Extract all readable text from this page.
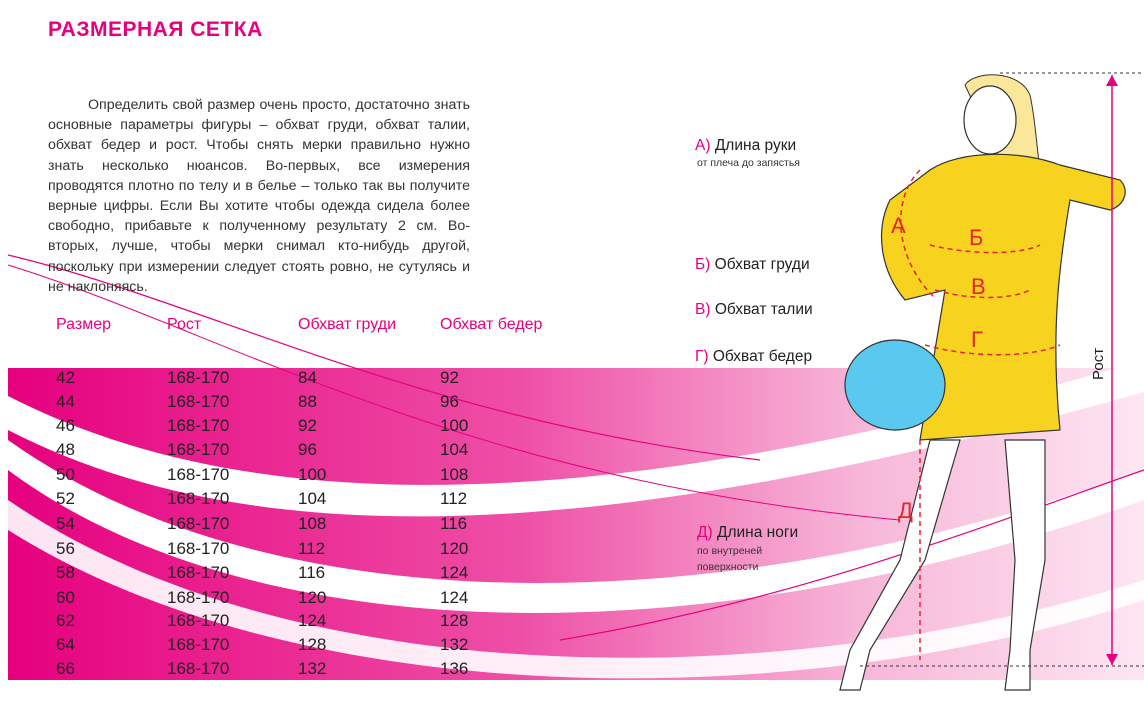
РАЗМЕРНАЯ СЕТКА

Определить свой размер очень просто, достаточно знать основные параметры фигуры – обхват груди, обхват талии, обхват бедер и рост. Чтобы снять мерки правильно нужно знать несколько нюансов. Во-первых, все измерения проводятся плотно по телу и в белье – только так вы получите верные цифры. Если Вы хотите чтобы одежда сидела более свободно, прибавьте к полученному результату 2 см. Во-вторых, лучше, чтобы мерки снимал кто-нибудь другой, поскольку при измерении следует стоять ровно, не сутулясь и не наклоняясь.

Размер	Рост	Обхват груди	Обхват бедер
42	168-170	84	92
44	168-170	88	96
46	168-170	92	100
48	168-170	96	104
50	168-170	100	108
52	168-170	104	112
54	168-170	108	116
56	168-170	112	120
58	168-170	116	124
60	168-170	120	124
62	168-170	124	128
64	168-170	128	132
66	168-170	132	136
А) Длина руки
от плеча до запястья
Б) Обхват груди
В) Обхват талии
Г) Обхват бедер
Д) Длина ноги
по внутреней
поверхности
Рост
А	Б
В
Г
Д
